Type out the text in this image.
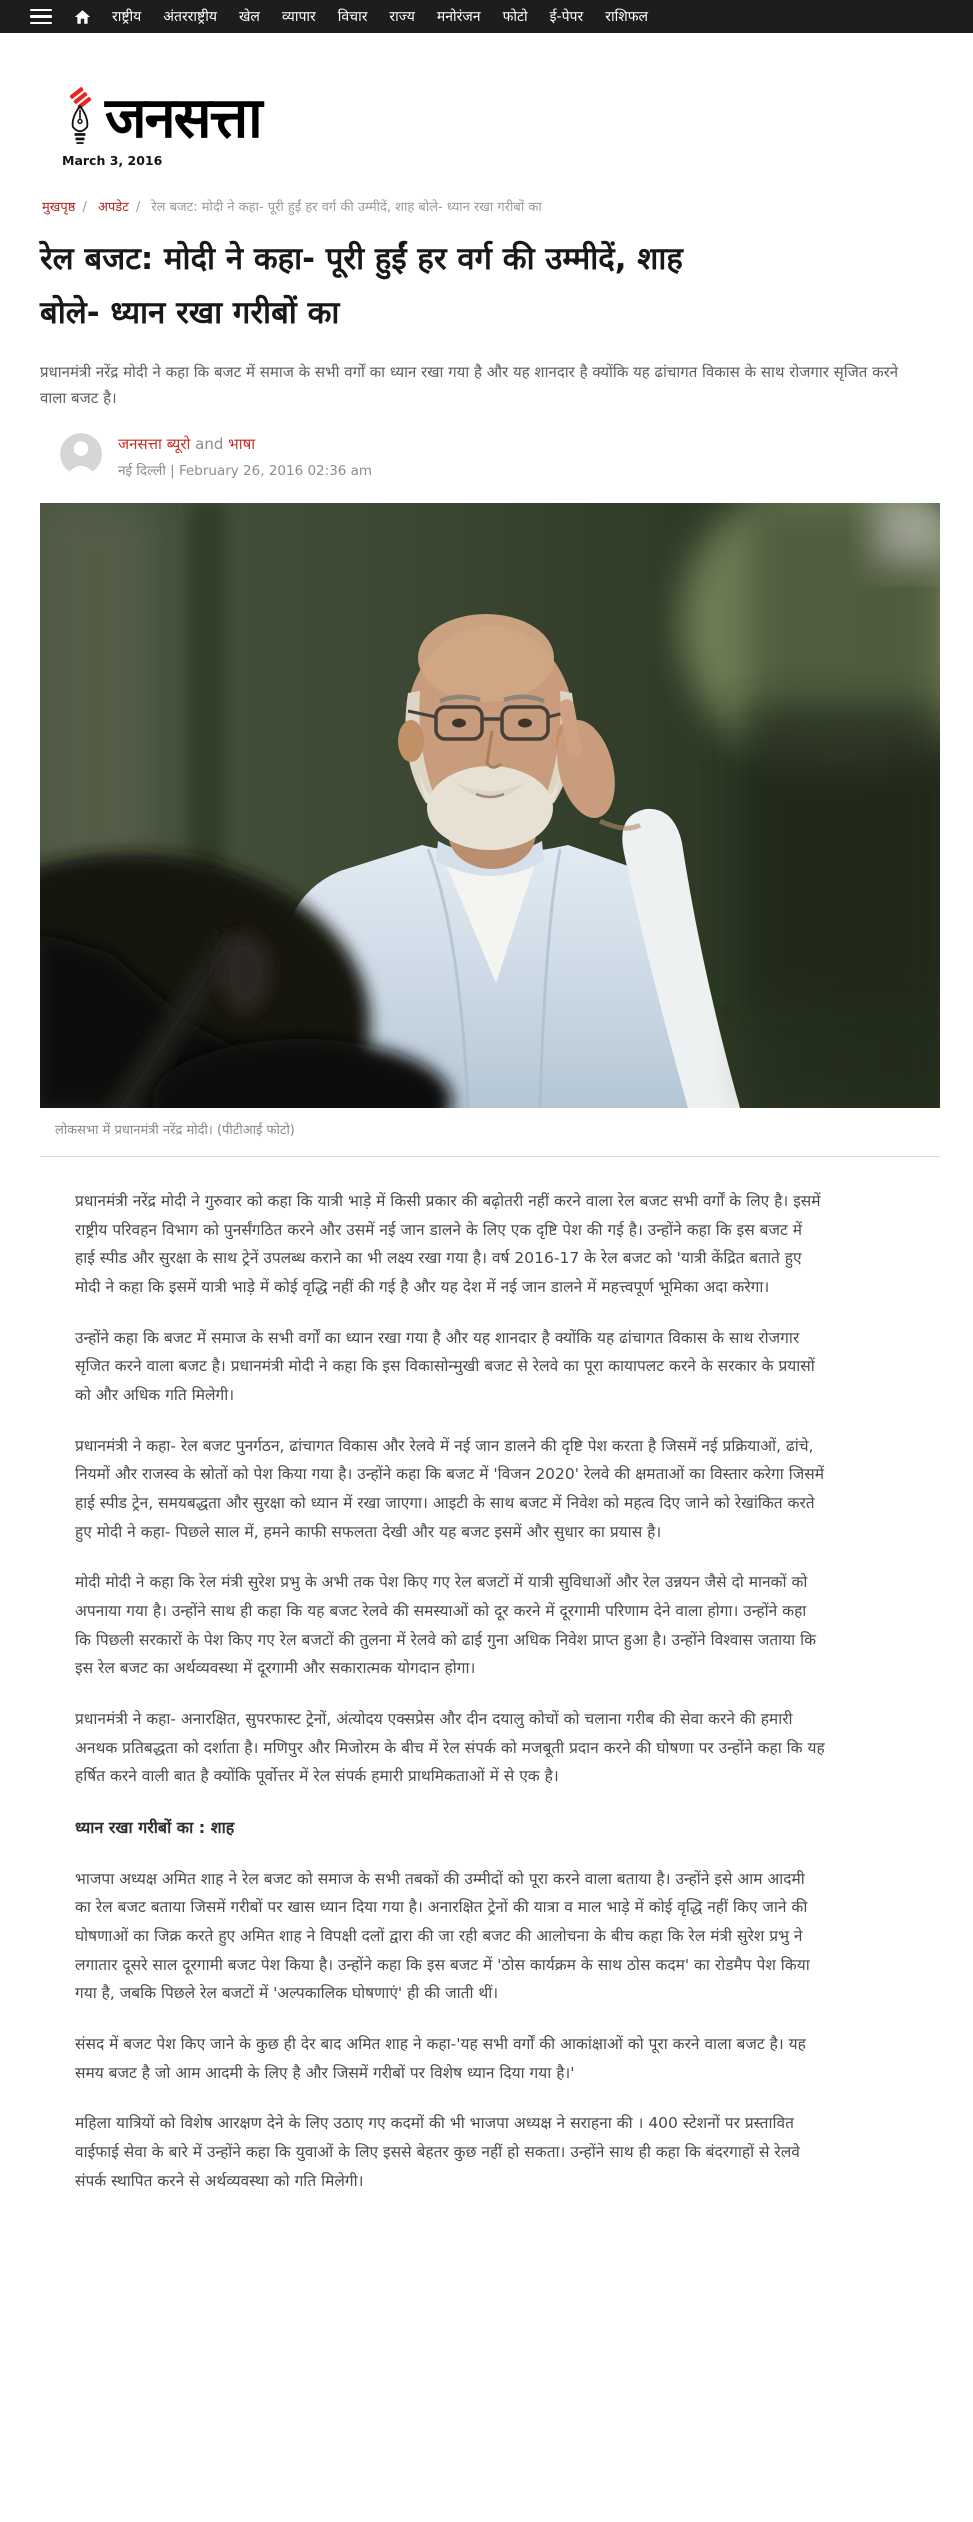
राष्ट्रीय	अंतरराष्ट्रीय	खेल	व्यापार	विचार	राज्य	मनोरंजन	फोटो	ई-पेपर	राशिफल
जनसत्ता
March 3, 2016
मुखपृष्ठ / अपडेट / रेल बजट: मोदी ने कहा- पूरी हुईं हर वर्ग की उम्मीदें, शाह बोले- ध्यान रखा गरीबों का
रेल बजट: मोदी ने कहा- पूरी हुईं हर वर्ग की उम्मीदें, शाह बोले- ध्यान रखा गरीबों का

प्रधानमंत्री नरेंद्र मोदी ने कहा कि बजट में समाज के सभी वर्गों का ध्यान रखा गया है और यह शानदार है क्योंकि यह ढांचागत विकास के साथ रोजगार सृजित करने वाला बजट है।

जनसत्ता ब्यूरो and भाषा
नई दिल्ली | February 26, 2016 02:36 am
लोकसभा में प्रधानमंत्री नरेंद्र मोदी। (पीटीआई फोटो)

प्रधानमंत्री नरेंद्र मोदी ने गुरुवार को कहा कि यात्री भाड़े में किसी प्रकार की बढ़ोतरी नहीं करने वाला रेल बजट सभी वर्गों के लिए है। इसमें राष्ट्रीय परिवहन विभाग को पुनर्संगठित करने और उसमें नई जान डालने के लिए एक दृष्टि पेश की गई है। उन्होंने कहा कि इस बजट में हाई स्पीड और सुरक्षा के साथ ट्रेनें उपलब्ध कराने का भी लक्ष्य रखा गया है। वर्ष 2016-17 के रेल बजट को 'यात्री केंद्रित बताते हुए मोदी ने कहा कि इसमें यात्री भाड़े में कोई वृद्धि नहीं की गई है और यह देश में नई जान डालने में महत्त्वपूर्ण भूमिका अदा करेगा।

उन्होंने कहा कि बजट में समाज के सभी वर्गों का ध्यान रखा गया है और यह शानदार है क्योंकि यह ढांचागत विकास के साथ रोजगार सृजित करने वाला बजट है। प्रधानमंत्री मोदी ने कहा कि इस विकासोन्मुखी बजट से रेलवे का पूरा कायापलट करने के सरकार के प्रयासों को और अधिक गति मिलेगी।

प्रधानमंत्री ने कहा- रेल बजट पुनर्गठन, ढांचागत विकास और रेलवे में नई जान डालने की दृष्टि पेश करता है जिसमें नई प्रक्रियाओं, ढांचे, नियमों और राजस्व के स्रोतों को पेश किया गया है। उन्होंने कहा कि बजट में 'विजन 2020' रेलवे की क्षमताओं का विस्तार करेगा जिसमें हाई स्पीड ट्रेन, समयबद्धता और सुरक्षा को ध्यान में रखा जाएगा। आइटी के साथ बजट में निवेश को महत्व दिए जाने को रेखांकित करते हुए मोदी ने कहा- पिछले साल में, हमने काफी सफलता देखी और यह बजट इसमें और सुधार का प्रयास है।

मोदी मोदी ने कहा कि रेल मंत्री सुरेश प्रभु के अभी तक पेश किए गए रेल बजटों में यात्री सुविधाओं और रेल उन्नयन जैसे दो मानकों को अपनाया गया है। उन्होंने साथ ही कहा कि यह बजट रेलवे की समस्याओं को दूर करने में दूरगामी परिणाम देने वाला होगा। उन्होंने कहा कि पिछली सरकारों के पेश किए गए रेल बजटों की तुलना में रेलवे को ढाई गुना अधिक निवेश प्राप्त हुआ है। उन्होंने विश्वास जताया कि इस रेल बजट का अर्थव्यवस्था में दूरगामी और सकारात्मक योगदान होगा।

प्रधानमंत्री ने कहा- अनारक्षित, सुपरफास्ट ट्रेनों, अंत्योदय एक्सप्रेस और दीन दयालु कोचों को चलाना गरीब की सेवा करने की हमारी अनथक प्रतिबद्धता को दर्शाता है। मणिपुर और मिजोरम के बीच में रेल संपर्क को मजबूती प्रदान करने की घोषणा पर उन्होंने कहा कि यह हर्षित करने वाली बात है क्योंकि पूर्वोत्तर में रेल संपर्क हमारी प्राथमिकताओं में से एक है।

ध्यान रखा गरीबों का : शाह

भाजपा अध्यक्ष अमित शाह ने रेल बजट को समाज के सभी तबकों की उम्मीदों को पूरा करने वाला बताया है। उन्होंने इसे आम आदमी का रेल बजट बताया जिसमें गरीबों पर खास ध्यान दिया गया है। अनारक्षित ट्रेनों की यात्रा व माल भाड़े में कोई वृद्धि नहीं किए जाने की घोषणाओं का जिक्र करते हुए अमित शाह ने विपक्षी दलों द्वारा की जा रही बजट की आलोचना के बीच कहा कि रेल मंत्री सुरेश प्रभु ने लगातार दूसरे साल दूरगामी बजट पेश किया है। उन्होंने कहा कि इस बजट में 'ठोस कार्यक्रम के साथ ठोस कदम' का रोडमैप पेश किया गया है, जबकि पिछले रेल बजटों में 'अल्पकालिक घोषणाएं' ही की जाती थीं।

संसद में बजट पेश किए जाने के कुछ ही देर बाद अमित शाह ने कहा-'यह सभी वर्गों की आकांक्षाओं को पूरा करने वाला बजट है। यह समय बजट है जो आम आदमी के लिए है और जिसमें गरीबों पर विशेष ध्यान दिया गया है।'

महिला यात्रियों को विशेष आरक्षण देने के लिए उठाए गए कदमों की भी भाजपा अध्यक्ष ने सराहना की । 400 स्टेशनों पर प्रस्तावित वाईफाई सेवा के बारे में उन्होंने कहा कि युवाओं के लिए इससे बेहतर कुछ नहीं हो सकता। उन्होंने साथ ही कहा कि बंदरगाहों से रेलवे संपर्क स्थापित करने से अर्थव्यवस्था को गति मिलेगी।
